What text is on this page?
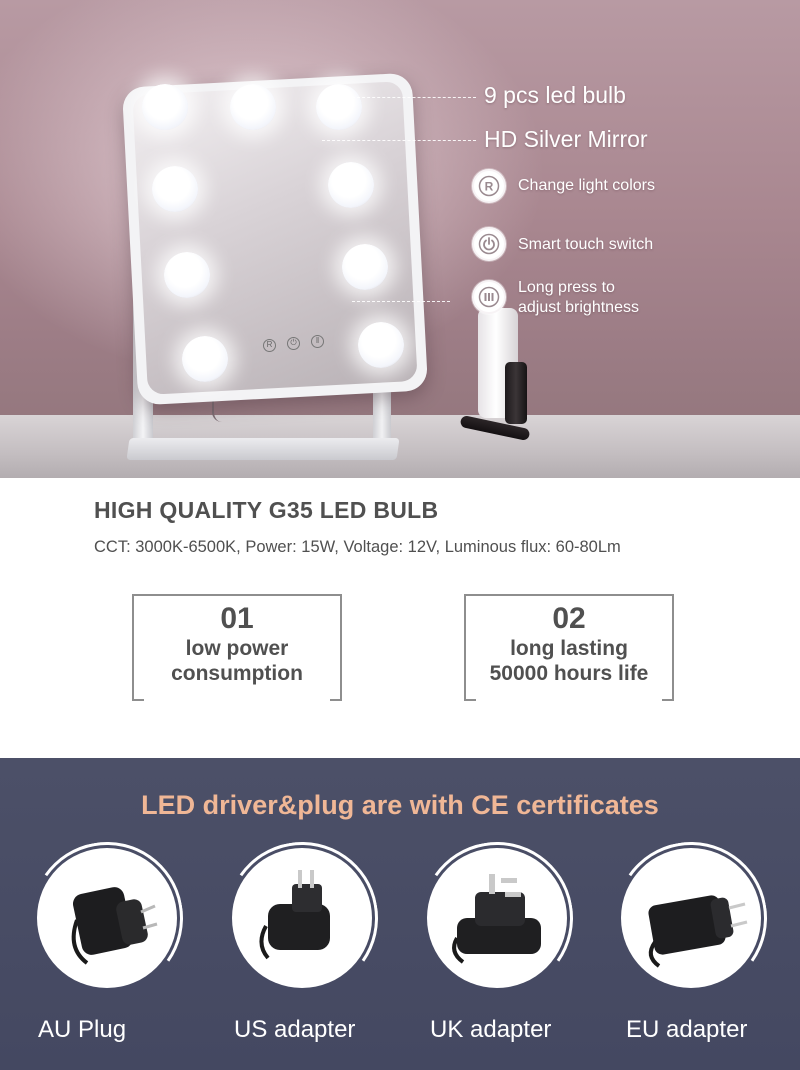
R	⏻	‖
9 pcs led bulb
HD Silver Mirror
R Change light colors
Smart touch switch
Long press to
adjust brightness
HIGH QUALITY G35 LED BULB
CCT: 3000K-6500K, Power: 15W, Voltage: 12V, Luminous flux: 60-80Lm
01
low power
consumption
02
long lasting
50000 hours life
LED driver&plug are with CE certificates
AU Plug	US adapter	UK adapter	EU adapter
